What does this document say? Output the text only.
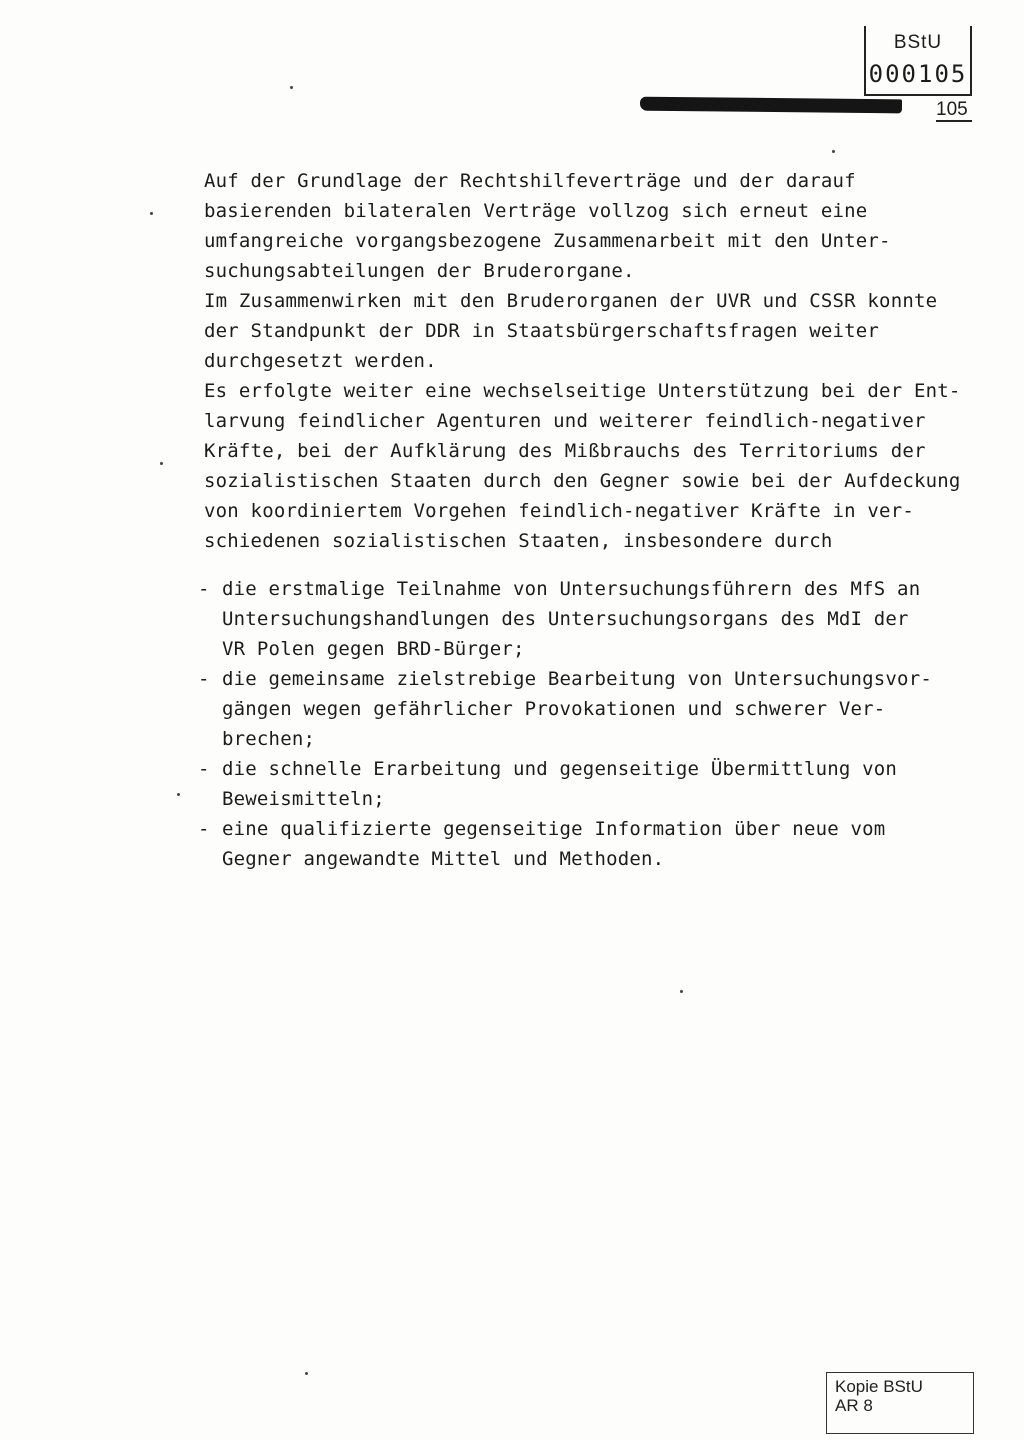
BStU
000105
105

Auf der Grundlage der Rechtshilfeverträge und der darauf
basierenden bilateralen Verträge vollzog sich erneut eine
umfangreiche vorgangsbezogene Zusammenarbeit mit den Unter-
suchungsabteilungen der Bruderorgane.

Im Zusammenwirken mit den Bruderorganen der UVR und CSSR konnte
der Standpunkt der DDR in Staatsbürgerschaftsfragen weiter
durchgesetzt werden.

Es erfolgte weiter eine wechselseitige Unterstützung bei der Ent-
larvung feindlicher Agenturen und weiterer feindlich-negativer
Kräfte, bei der Aufklärung des Mißbrauchs des Territoriums der
sozialistischen Staaten durch den Gegner sowie bei der Aufdeckung
von koordiniertem Vorgehen feindlich-negativer Kräfte in ver-
schiedenen sozialistischen Staaten, insbesondere durch

- die erstmalige Teilnahme von Untersuchungsführern des MfS an
Untersuchungshandlungen des Untersuchungsorgans des MdI der
VR Polen gegen BRD-Bürger;
- die gemeinsame zielstrebige Bearbeitung von Untersuchungsvor-
gängen wegen gefährlicher Provokationen und schwerer Ver-
brechen;
- die schnelle Erarbeitung und gegenseitige Übermittlung von
Beweismitteln;
- eine qualifizierte gegenseitige Information über neue vom
Gegner angewandte Mittel und Methoden.
Kopie BStU
AR 8
